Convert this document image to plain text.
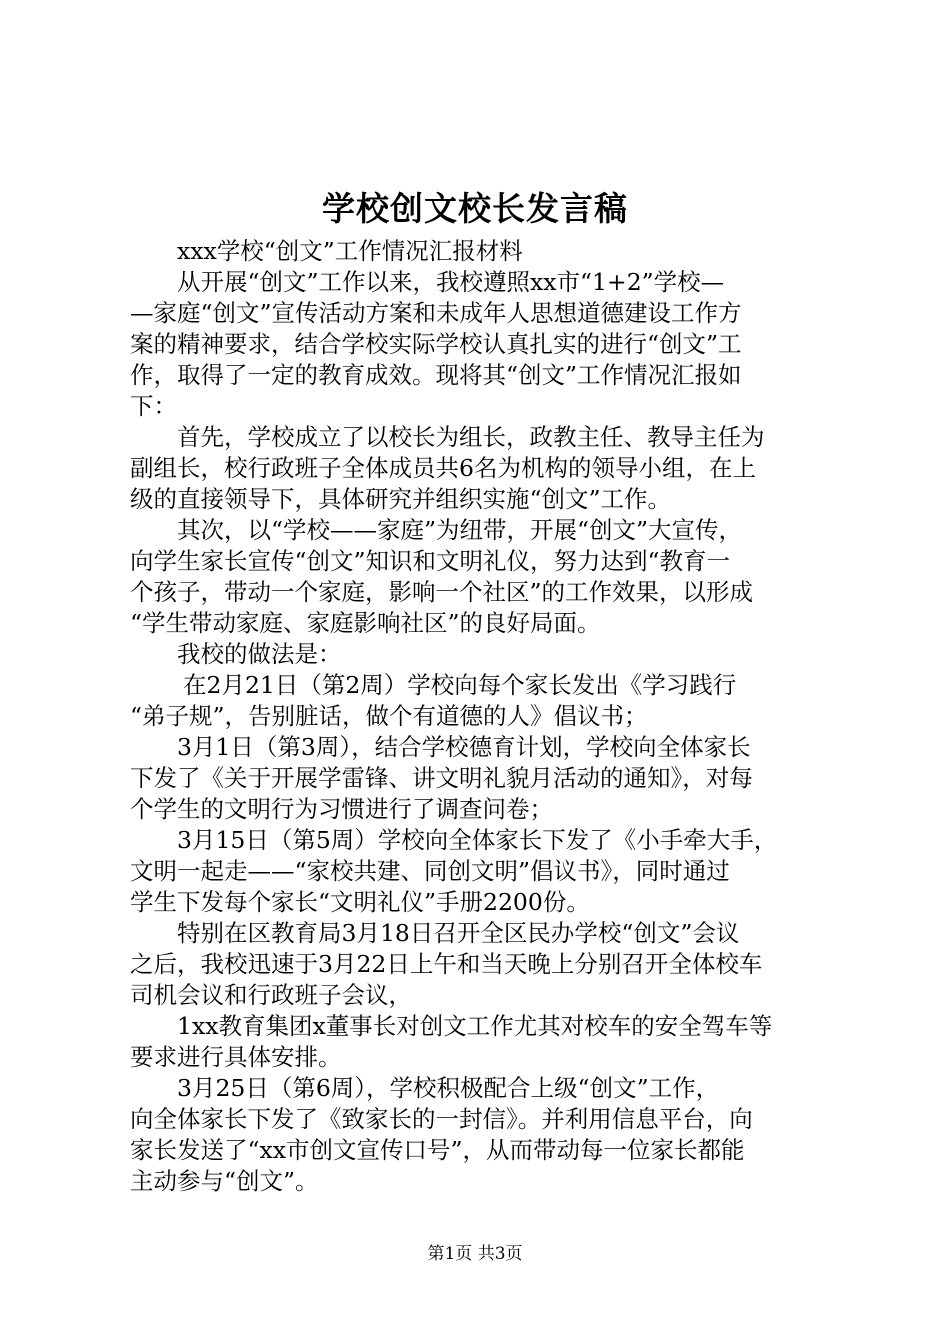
学校创文校长发言稿
xxx学校“创文”工作情况汇报材料
从开展“创文”工作以来，我校遵照xx市“1+2”学校—
—家庭“创文”宣传活动方案和未成年人思想道德建设工作方
案的精神要求，结合学校实际学校认真扎实的进行“创文”工
作，取得了一定的教育成效。现将其“创文”工作情况汇报如
下：
首先，学校成立了以校长为组长，政教主任、教导主任为
副组长，校行政班子全体成员共6名为机构的领导小组，在上
级的直接领导下，具体研究并组织实施“创文”工作。
其次，以“学校——家庭”为纽带，开展“创文”大宣传，
向学生家长宣传“创文”知识和文明礼仪，努力达到“教育一
个孩子，带动一个家庭，影响一个社区”的工作效果，以形成
“学生带动家庭、家庭影响社区”的良好局面。
我校的做法是：
在2月21日（第2周）学校向每个家长发出《学习践行
“弟子规”，告别脏话，做个有道德的人》倡议书；
3月1日（第3周），结合学校德育计划，学校向全体家长
下发了《关于开展学雷锋、讲文明礼貌月活动的通知》，对每
个学生的文明行为习惯进行了调查问卷；
3月15日（第5周）学校向全体家长下发了《小手牵大手，
文明一起走——“家校共建、同创文明”倡议书》，同时通过
学生下发每个家长“文明礼仪”手册2200份。
特别在区教育局3月18日召开全区民办学校“创文”会议
之后，我校迅速于3月22日上午和当天晚上分别召开全体校车
司机会议和行政班子会议，
1xx教育集团x董事长对创文工作尤其对校车的安全驾车等
要求进行具体安排。
3月25日（第6周），学校积极配合上级“创文”工作，
向全体家长下发了《致家长的一封信》。并利用信息平台，向
家长发送了“xx市创文宣传口号”，从而带动每一位家长都能
主动参与“创文”。
第1页 共3页
